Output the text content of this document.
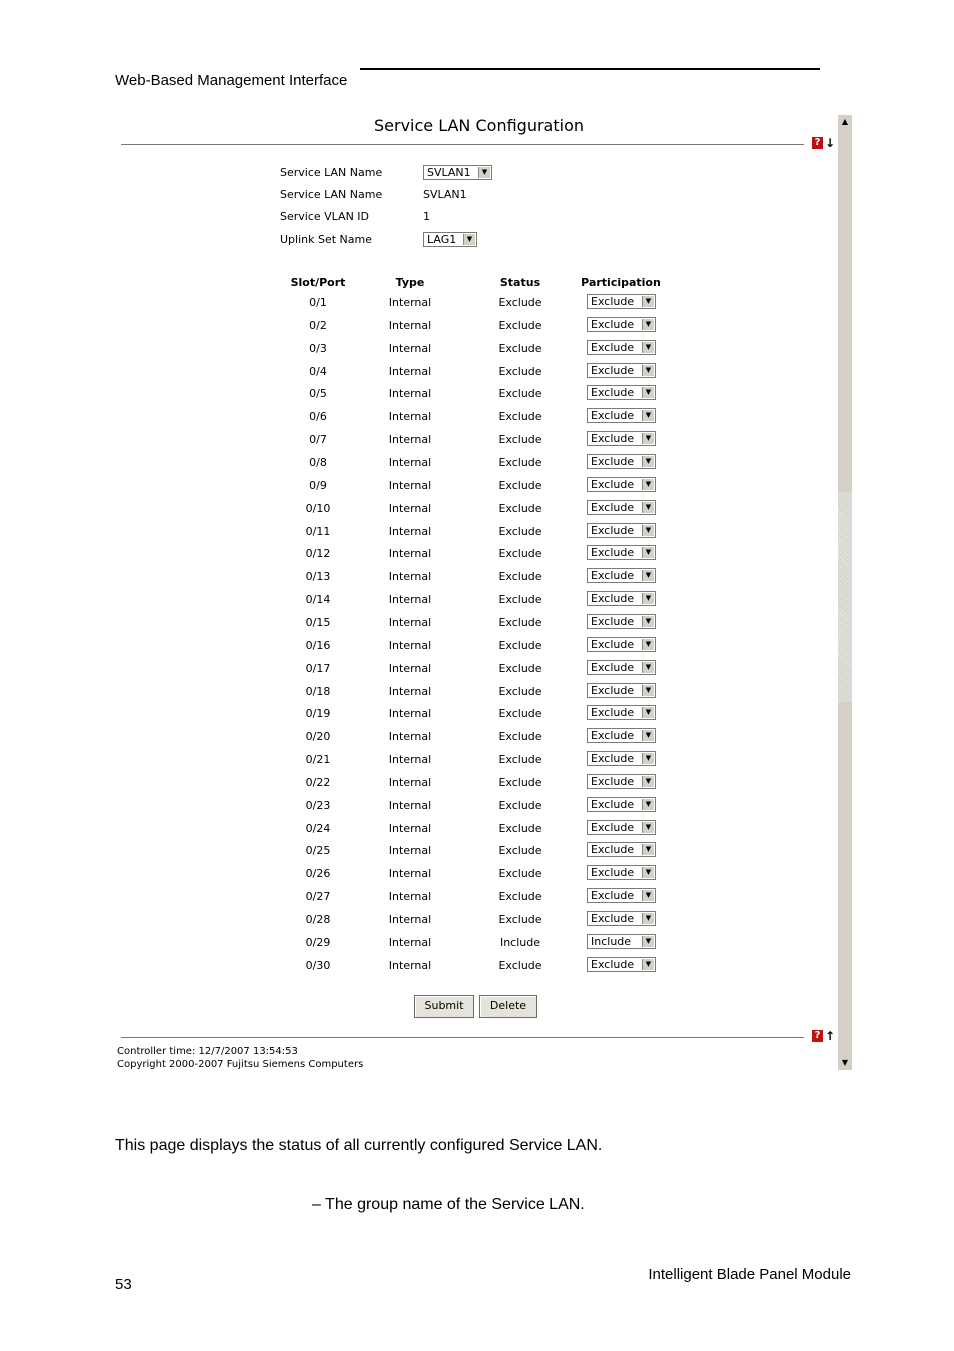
Web-Based Management Interface
Service LAN Configuration
? ↓
Service LAN Name	SVLAN1	▼
Service LAN Name	SVLAN1
Service VLAN ID	1
Uplink Set Name	LAG1	▼
Slot/Port	Type	Status	Participation
0/1	Internal	Exclude	Exclude	▼
0/2	Internal	Exclude	Exclude	▼
0/3	Internal	Exclude	Exclude	▼
0/4	Internal	Exclude	Exclude	▼
0/5	Internal	Exclude	Exclude	▼
0/6	Internal	Exclude	Exclude	▼
0/7	Internal	Exclude	Exclude	▼
0/8	Internal	Exclude	Exclude	▼
0/9	Internal	Exclude	Exclude	▼
0/10	Internal	Exclude	Exclude	▼
0/11	Internal	Exclude	Exclude	▼
0/12	Internal	Exclude	Exclude	▼
0/13	Internal	Exclude	Exclude	▼
0/14	Internal	Exclude	Exclude	▼
0/15	Internal	Exclude	Exclude	▼
0/16	Internal	Exclude	Exclude	▼
0/17	Internal	Exclude	Exclude	▼
0/18	Internal	Exclude	Exclude	▼
0/19	Internal	Exclude	Exclude	▼
0/20	Internal	Exclude	Exclude	▼
0/21	Internal	Exclude	Exclude	▼
0/22	Internal	Exclude	Exclude	▼
0/23	Internal	Exclude	Exclude	▼
0/24	Internal	Exclude	Exclude	▼
0/25	Internal	Exclude	Exclude	▼
0/26	Internal	Exclude	Exclude	▼
0/27	Internal	Exclude	Exclude	▼
0/28	Internal	Exclude	Exclude	▼
0/29	Internal	Include	Include	▼
0/30	Internal	Exclude	Exclude	▼
Submit	Delete
? ↑
Controller time: 12/7/2007 13:54:53
Copyright 2000-2007 Fujitsu Siemens Computers
▲
▼
This page displays the status of all currently configured Service LAN.
– The group name of the Service LAN.
53
Intelligent Blade Panel Module
